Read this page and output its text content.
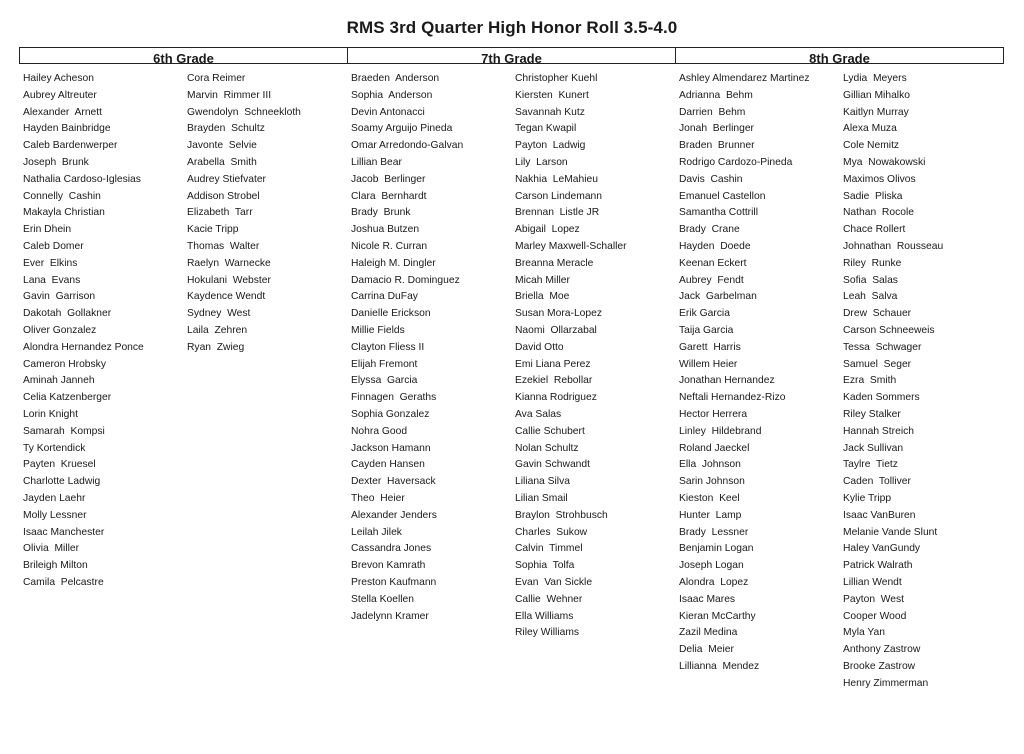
RMS 3rd Quarter High Honor Roll 3.5-4.0
6th Grade	7th Grade	8th Grade
Hailey Acheson
Aubrey Altreuter
Alexander  Arnett
Hayden Bainbridge
Caleb Bardenwerper
Joseph  Brunk
Nathalia Cardoso-Iglesias
Connelly  Cashin
Makayla Christian
Erin Dhein
Caleb Domer
Ever  Elkins
Lana  Evans
Gavin  Garrison
Dakotah  Gollakner
Oliver Gonzalez
Alondra Hernandez Ponce
Cameron Hrobsky
Aminah Janneh
Celia Katzenberger
Lorin Knight
Samarah  Kompsi
Ty Kortendick
Payten  Kruesel
Charlotte Ladwig
Jayden Laehr
Molly Lessner
Isaac Manchester
Olivia  Miller
Brileigh Milton
Camila  Pelcastre
Cora Reimer
Marvin  Rimmer III
Gwendolyn  Schneekloth
Brayden  Schultz
Javonte  Selvie
Arabella  Smith
Audrey Stiefvater
Addison Strobel
Elizabeth  Tarr
Kacie Tripp
Thomas  Walter
Raelyn  Warnecke
Hokulani  Webster
Kaydence Wendt
Sydney  West
Laila  Zehren
Ryan  Zwieg
Braeden  Anderson
Sophia  Anderson
Devin Antonacci
Soamy Arguijo Pineda
Omar Arredondo-Galvan
Lillian Bear
Jacob  Berlinger
Clara  Bernhardt
Brady  Brunk
Joshua Butzen
Nicole R. Curran
Haleigh M. Dingler
Damacio R. Dominguez
Carrina DuFay
Danielle Erickson
Millie Fields
Clayton Fliess II
Elijah Fremont
Elyssa  Garcia
Finnagen  Geraths
Sophia Gonzalez
Nohra Good
Jackson Hamann
Cayden Hansen
Dexter  Haversack
Theo  Heier
Alexander Jenders
Leilah Jilek
Cassandra Jones
Brevon Kamrath
Preston Kaufmann
Stella Koellen
Jadelynn Kramer
Christopher Kuehl
Kiersten  Kunert
Savannah Kutz
Tegan Kwapil
Payton  Ladwig
Lily  Larson
Nakhia  LeMahieu
Carson Lindemann
Brennan  Listle JR
Abigail  Lopez
Marley Maxwell-Schaller
Breanna Meracle
Micah Miller
Briella  Moe
Susan Mora-Lopez
Naomi  Ollarzabal
David Otto
Emi Liana Perez
Ezekiel  Rebollar
Kianna Rodriguez
Ava Salas
Callie Schubert
Nolan Schultz
Gavin Schwandt
Liliana Silva
Lilian Smail
Braylon  Strohbusch
Charles  Sukow
Calvin  Timmel
Sophia  Tolfa
Evan  Van Sickle
Callie  Wehner
Ella Williams
Riley Williams
Ashley Almendarez Martinez
Adrianna  Behm
Darrien  Behm
Jonah  Berlinger
Braden  Brunner
Rodrigo Cardozo-Pineda
Davis  Cashin
Emanuel Castellon
Samantha Cottrill
Brady  Crane
Hayden  Doede
Keenan Eckert
Aubrey  Fendt
Jack  Garbelman
Erik Garcia
Taija Garcia
Garett  Harris
Willem Heier
Jonathan Hernandez
Neftali Hernandez-Rizo
Hector Herrera
Linley  Hildebrand
Roland Jaeckel
Ella  Johnson
Sarin Johnson
Kieston  Keel
Hunter  Lamp
Brady  Lessner
Benjamin Logan
Joseph Logan
Alondra  Lopez
Isaac Mares
Kieran McCarthy
Zazil Medina
Delia  Meier
Lillianna  Mendez
Lydia  Meyers
Gillian Mihalko
Kaitlyn Murray
Alexa Muza
Cole Nemitz
Mya  Nowakowski
Maximos Olivos
Sadie  Pliska
Nathan  Rocole
Chace Rollert
Johnathan  Rousseau
Riley  Runke
Sofia  Salas
Leah  Salva
Drew  Schauer
Carson Schneeweis
Tessa  Schwager
Samuel  Seger
Ezra  Smith
Kaden Sommers
Riley Stalker
Hannah Streich
Jack Sullivan
Taylre  Tietz
Caden  Tolliver
Kylie Tripp
Isaac VanBuren
Melanie Vande Slunt
Haley VanGundy
Patrick Walrath
Lillian Wendt
Payton  West
Cooper Wood
Myla Yan
Anthony Zastrow
Brooke Zastrow
Henry Zimmerman
